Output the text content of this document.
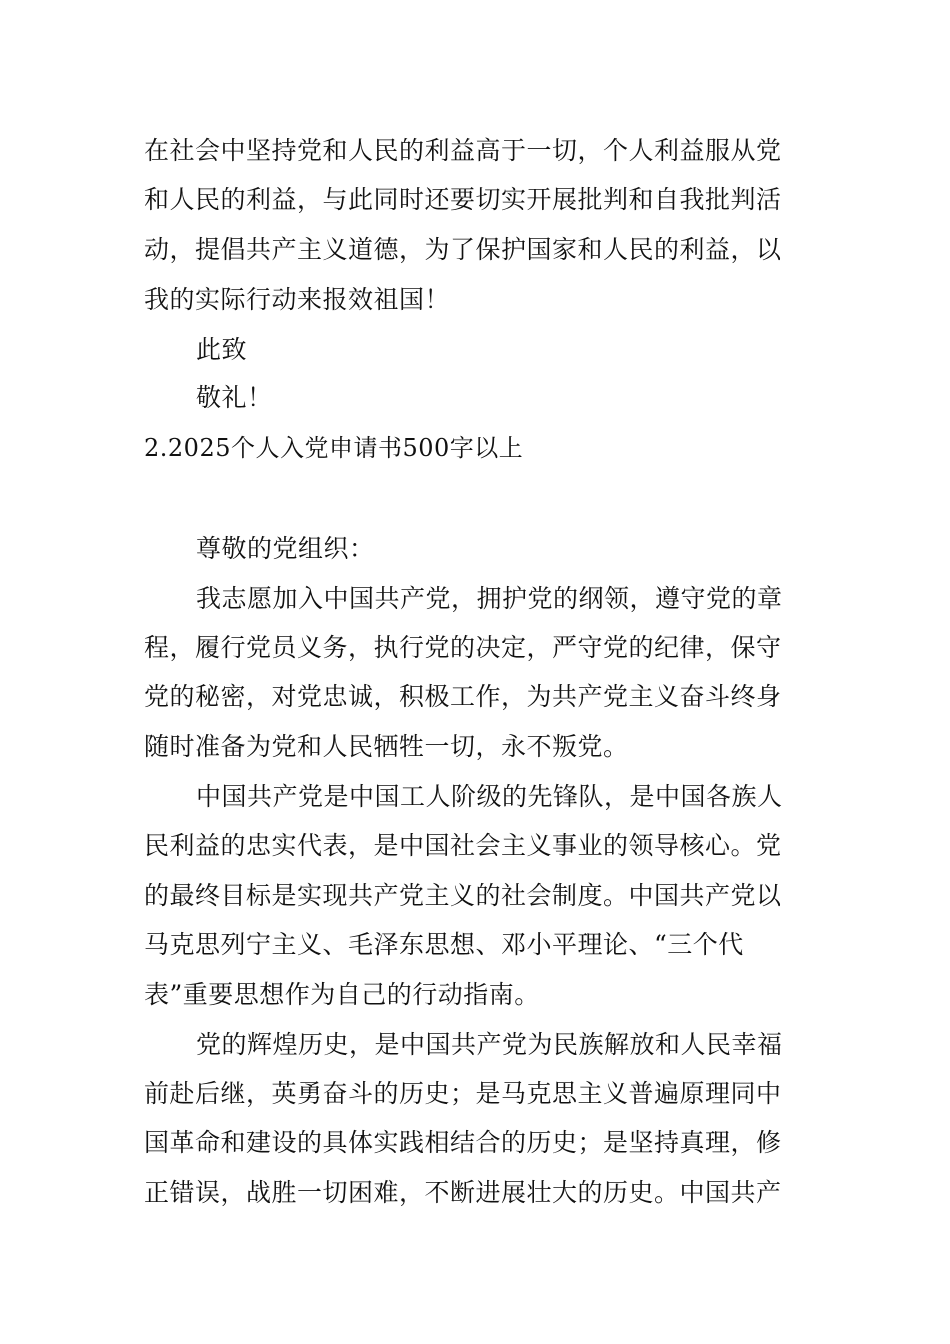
在社会中坚持党和人民的利益高于一切，个人利益服从党
和人民的利益，与此同时还要切实开展批判和自我批判活
动，提倡共产主义道德，为了保护国家和人民的利益，以
我的实际行动来报效祖国！
此致
敬礼！
2.2025个人入党申请书500字以上
尊敬的党组织：
我志愿加入中国共产党，拥护党的纲领，遵守党的章
程，履行党员义务，执行党的决定，严守党的纪律，保守
党的秘密，对党忠诚，积极工作，为共产党主义奋斗终身
随时准备为党和人民牺牲一切，永不叛党。
中国共产党是中国工人阶级的先锋队，是中国各族人
民利益的忠实代表，是中国社会主义事业的领导核心。党
的最终目标是实现共产党主义的社会制度。中国共产党以
马克思列宁主义、毛泽东思想、邓小平理论、“三个代
表”重要思想作为自己的行动指南。
党的辉煌历史，是中国共产党为民族解放和人民幸福
前赴后继，英勇奋斗的历史；是马克思主义普遍原理同中
国革命和建设的具体实践相结合的历史；是坚持真理，修
正错误，战胜一切困难，不断进展壮大的历史。中国共产
